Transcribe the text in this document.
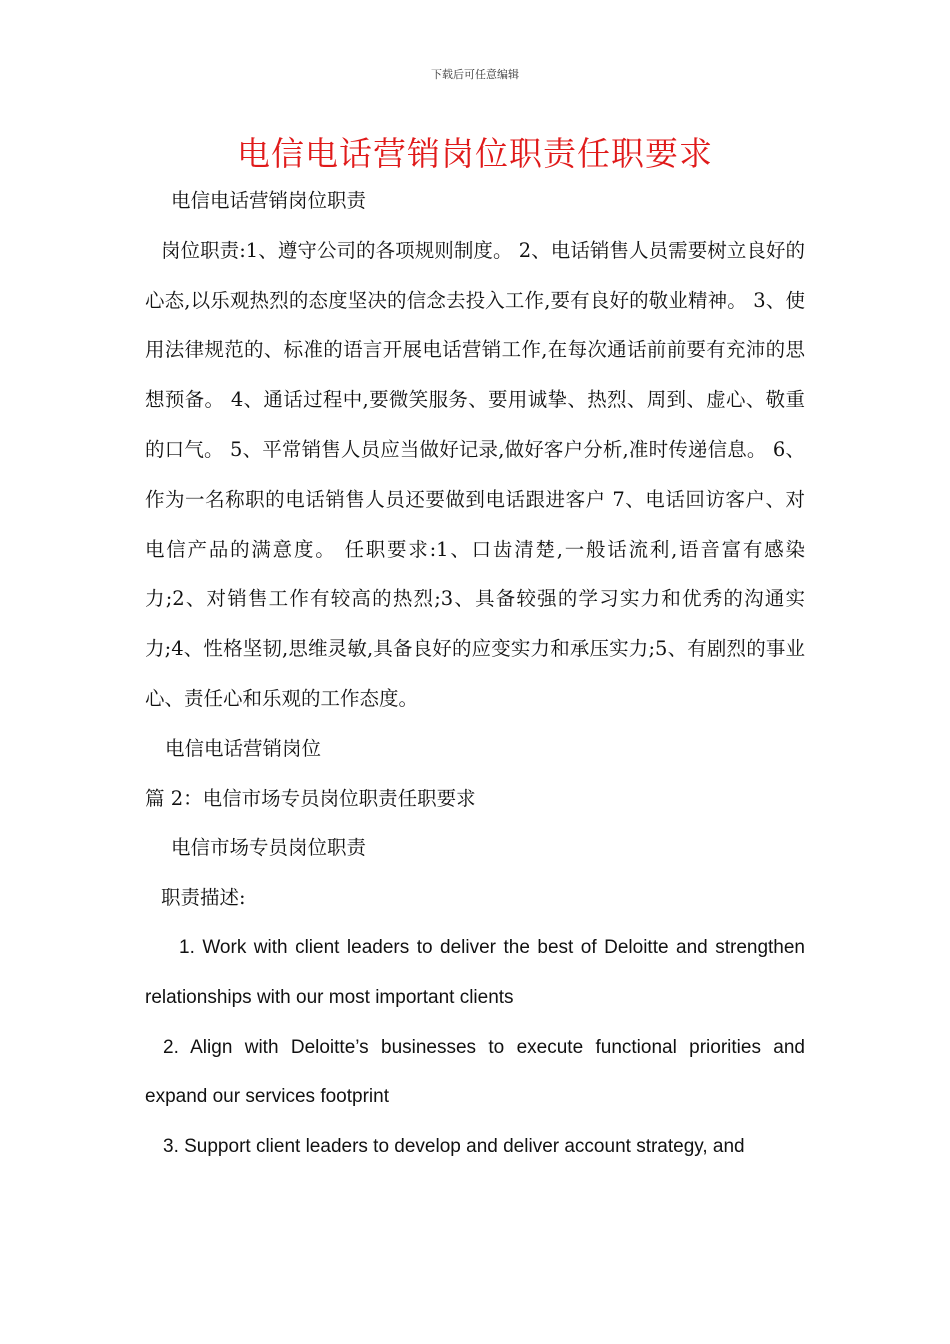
下载后可任意编辑
电信电话营销岗位职责任职要求

电信电话营销岗位职责

岗位职责:1、遵守公司的各项规则制度。 2、电话销售人员需要树立良好的心态,以乐观热烈的态度坚决的信念去投入工作,要有良好的敬业精神。 3、使用法律规范的、标准的语言开展电话营销工作,在每次通话前前要有充沛的思想预备。 4、通话过程中,要微笑服务、要用诚挚、热烈、周到、虚心、敬重的口气。 5、平常销售人员应当做好记录,做好客户分析,准时传递信息。 6、作为一名称职的电话销售人员还要做到电话跟进客户 7、电话回访客户、对电信产品的满意度。 任职要求:1、口齿清楚,一般话流利,语音富有感染力;2、对销售工作有较高的热烈;3、具备较强的学习实力和优秀的沟通实力;4、性格坚韧,思维灵敏,具备良好的应变实力和承压实力;5、有剧烈的事业心、责任心和乐观的工作态度。

电信电话营销岗位

篇 2：电信市场专员岗位职责任职要求

电信市场专员岗位职责

职责描述:

1. Work with client leaders to deliver the best of Deloitte and strengthen relationships with our most important clients

2. Align with Deloitte’s businesses to execute functional priorities and expand our services footprint

3. Support client leaders to develop and deliver account strategy, and
